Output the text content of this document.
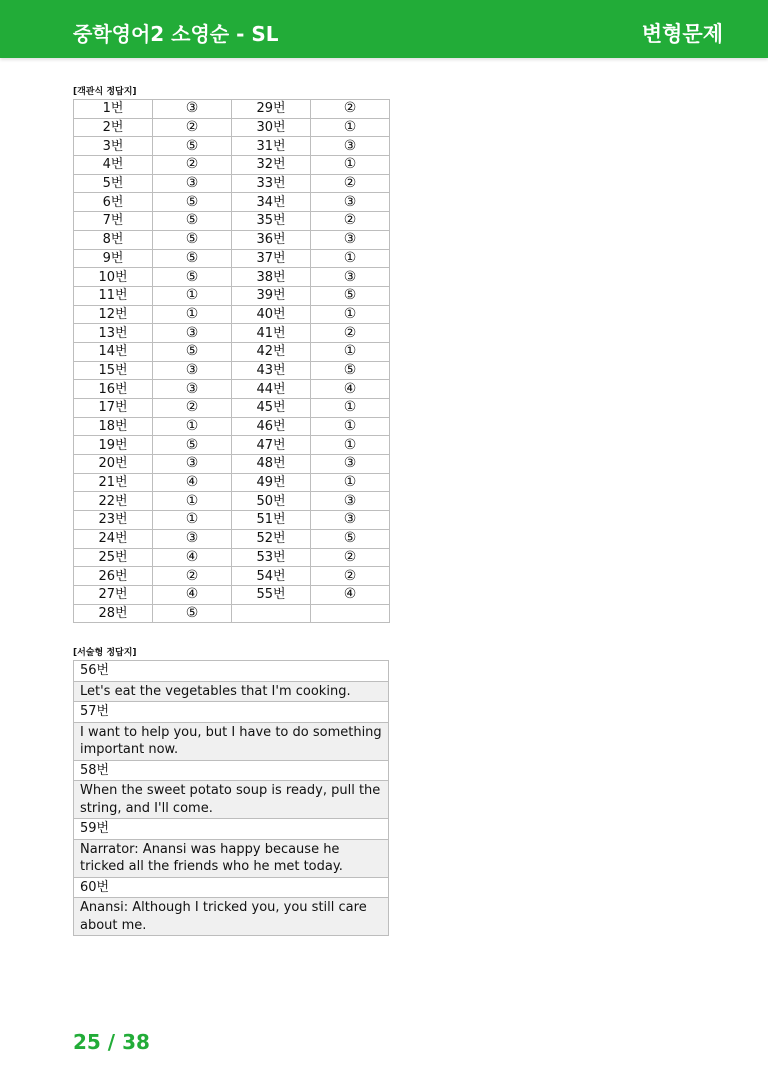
중학영어2 소영순 - SL	변형문제
[객관식 정답지]
1번	③	29번	②
2번	②	30번	①
3번	⑤	31번	③
4번	②	32번	①
5번	③	33번	②
6번	⑤	34번	③
7번	⑤	35번	②
8번	⑤	36번	③
9번	⑤	37번	①
10번	⑤	38번	③
11번	①	39번	⑤
12번	①	40번	①
13번	③	41번	②
14번	⑤	42번	①
15번	③	43번	⑤
16번	③	44번	④
17번	②	45번	①
18번	①	46번	①
19번	⑤	47번	①
20번	③	48번	③
21번	④	49번	①
22번	①	50번	③
23번	①	51번	③
24번	③	52번	⑤
25번	④	53번	②
26번	②	54번	②
27번	④	55번	④
28번	⑤		
[서술형 정답지]
56번
Let's eat the vegetables that I'm cooking.
57번
I want to help you, but I have to do something important now.
58번
When the sweet potato soup is ready, pull the string, and I'll come.
59번
Narrator: Anansi was happy because he tricked all the friends who he met today.
60번
Anansi: Although I tricked you, you still care about me.
25 / 38
